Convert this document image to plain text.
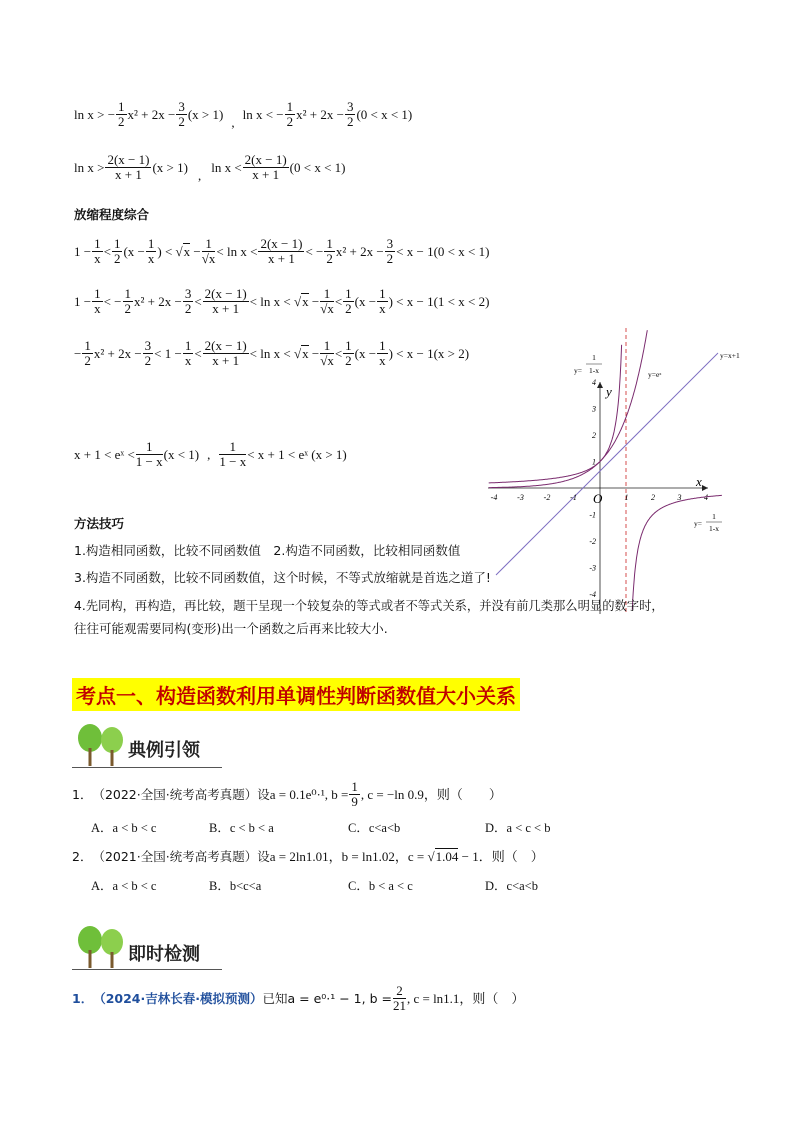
ln x > − $\frac{1}{2} x^2 + 2x - \frac{3}{2} (x > 1)$
,
ln x < − $\frac{1}{2} x^2 + 2x - \frac{3}{2} (0 < x < 1)$
$\ln x > \frac{2(x - 1)}{x + 1} (x > 1)$
,
$\ln x < \frac{2(x - 1)}{x + 1} (0 < x < 1)$
放缩程度综合
$1 - \frac{1}{x} < \frac{1}{2} (x - \frac{1}{x}$ ) < √ x
− $\frac{1}{√x} < \ln x < \frac{2(x - 1)}{x + 1}$ < − $\frac{1}{2} x^2 + 2x - \frac{3}{2} < x - 1(0 < x < 1)$
$1 - \frac{1}{x}$ < − $\frac{1}{2} x^2 + 2x - \frac{3}{2} < \frac{2(x - 1)}{x + 1} < \ln x$ < √ x
− $\frac{1}{√x} < \frac{1}{2} (x - \frac{1}{x}$ ) < x − 1(1 < x < 2)
− $\frac{1}{2} x^2 + 2x - \frac{3}{2} < 1 - \frac{1}{x} < \frac{2(x - 1)}{x + 1} < \ln x$ < √ x
− $\frac{1}{√x} < \frac{1}{2} (x - \frac{1}{x}$ ) < x − 1(x > 2)
x + 1 < eˣ < $\frac{1}{1 - x} (x < 1)$ , $\frac{1}{1 - x} < x + 1$ < eˣ (x > 1)
-4 -3 -2 -1	1	2	3	4
4
3
2
1
-1
-2
-3
-4
x
y
O
y=eˣ
y=x+1
y=
1
1-x
y=
1
1-x
方法技巧
1.构造相同函数，比较不同函数值　2.构造不同函数，比较相同函数值
3.构造不同函数，比较不同函数值，这个时候，不等式放缩就是首选之道了!
4.先同构，再构造，再比较，题干呈现一个较复杂的等式或者不等式关系，并没有前几类那么明显的数字时，
往往可能观需要同构(变形)出一个函数之后再来比较大小.
考点一、构造函数利用单调性判断函数值大小关系
典例引领
1． （2022·全国·统考高考真题）设 a = 0.1e⁰·¹, $b = \frac{1}{9}$ , c = −ln 0.9，则（　　）
A．a < b < c	B．c < b < a	C．c<a<b	D．a < c < b
2． （2021·全国·统考高考真题）设 a = 2ln1.01，b = ln1.02，c = √ 1.04
− 1．则（　）
A．a < b < c	B．b<c<a	C．b < a < c	D．c<a<b
即时检测
1． （2024·吉林长春·模拟预测） 已知a = e⁰·¹ − 1, $b = \frac{2}{21}$ , c = ln1.1，则（　）
